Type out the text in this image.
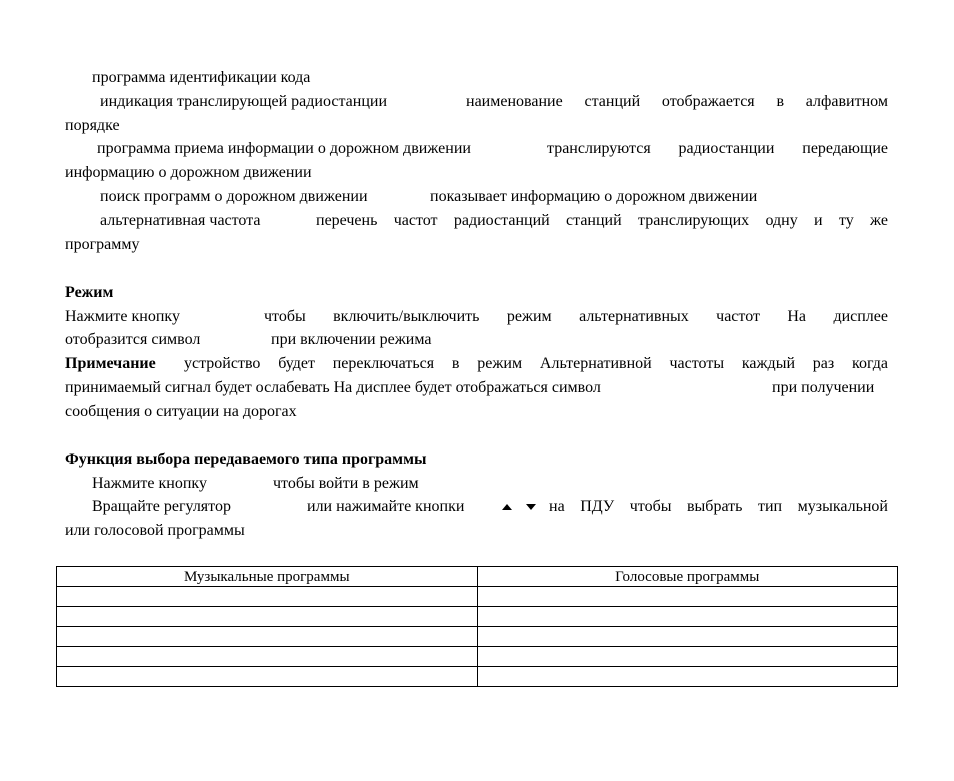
программа идентификации кода
индикация транслирующей радиостанции	наименование станций отображается в алфавитном
порядке
программа приема информации о дорожном движении	транслируются радиостанции передающие
информацию о дорожном движении
поиск программ о дорожном движении	показывает информацию о дорожном движении
альтернативная частота	перечень частот радиостанций станций транслирующих одну и ту же
программу
Режим
Нажмите кнопку	чтобы включить/выключить режим альтернативных частот На дисплее
отобразится символ	при включении режима
Примечание устройство будет переключаться в режим Альтернативной частоты каждый раз когда
принимаемый сигнал будет ослабевать На дисплее будет отображаться символ	при получении
сообщения о ситуации на дорогах
Функция выбора передаваемого типа программы
Нажмите кнопку	чтобы войти в режим
Вращайте регулятор	или нажимайте кнопки	на ПДУ чтобы выбрать тип музыкальной
или голосовой программы
Музыкальные программы	Голосовые программы
